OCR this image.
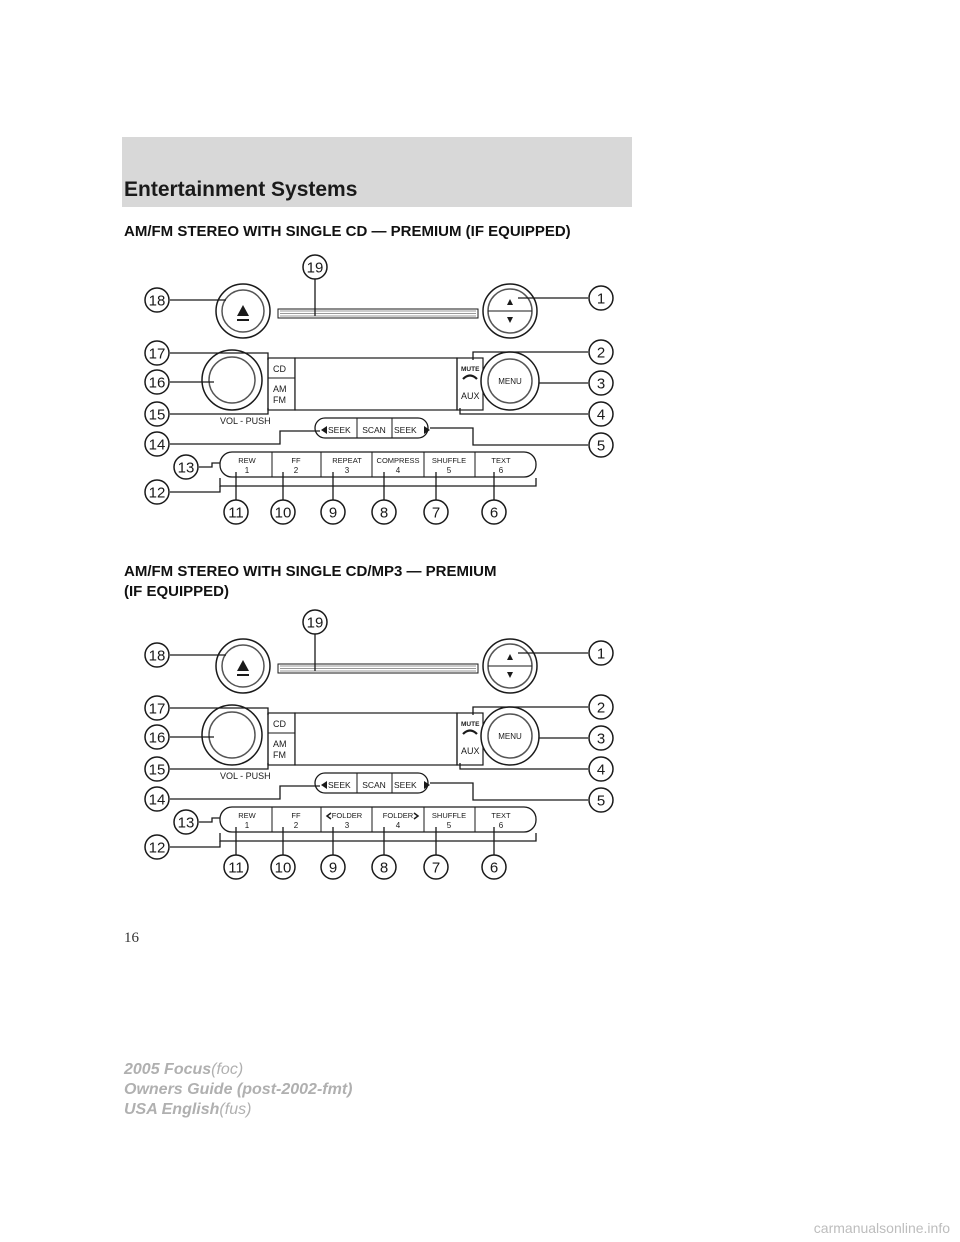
Entertainment Systems
AM/FM STEREO WITH SINGLE CD — PREMIUM (IF EQUIPPED)
CD
AM
FM
VOL - PUSH
MUTE
AUX
MENU
SEEK SCAN SEEK
REW
1
FF
2
REPEAT
3
COMPRESS
4
SHUFFLE
5
TEXT
6
1
2
3
4
5
6
7
8
9
10
11
12
13
14
15
16
17
18
19
AM/FM STEREO WITH SINGLE CD/MP3 — PREMIUM
(IF EQUIPPED)
CD
AM
FM
VOL - PUSH
MUTE
AUX
MENU
SEEK SCAN SEEK
REW
1
FF
2
FOLDER
3
FOLDER
4
SHUFFLE
5
TEXT
6
1
2
3
4
5
6
7
8
9
10
11
12
13
14
15
16
17
18
19

16

2005 Focus(foc)
Owners Guide (post-2002-fmt)
USA English(fus)

carmanualsonline.info
